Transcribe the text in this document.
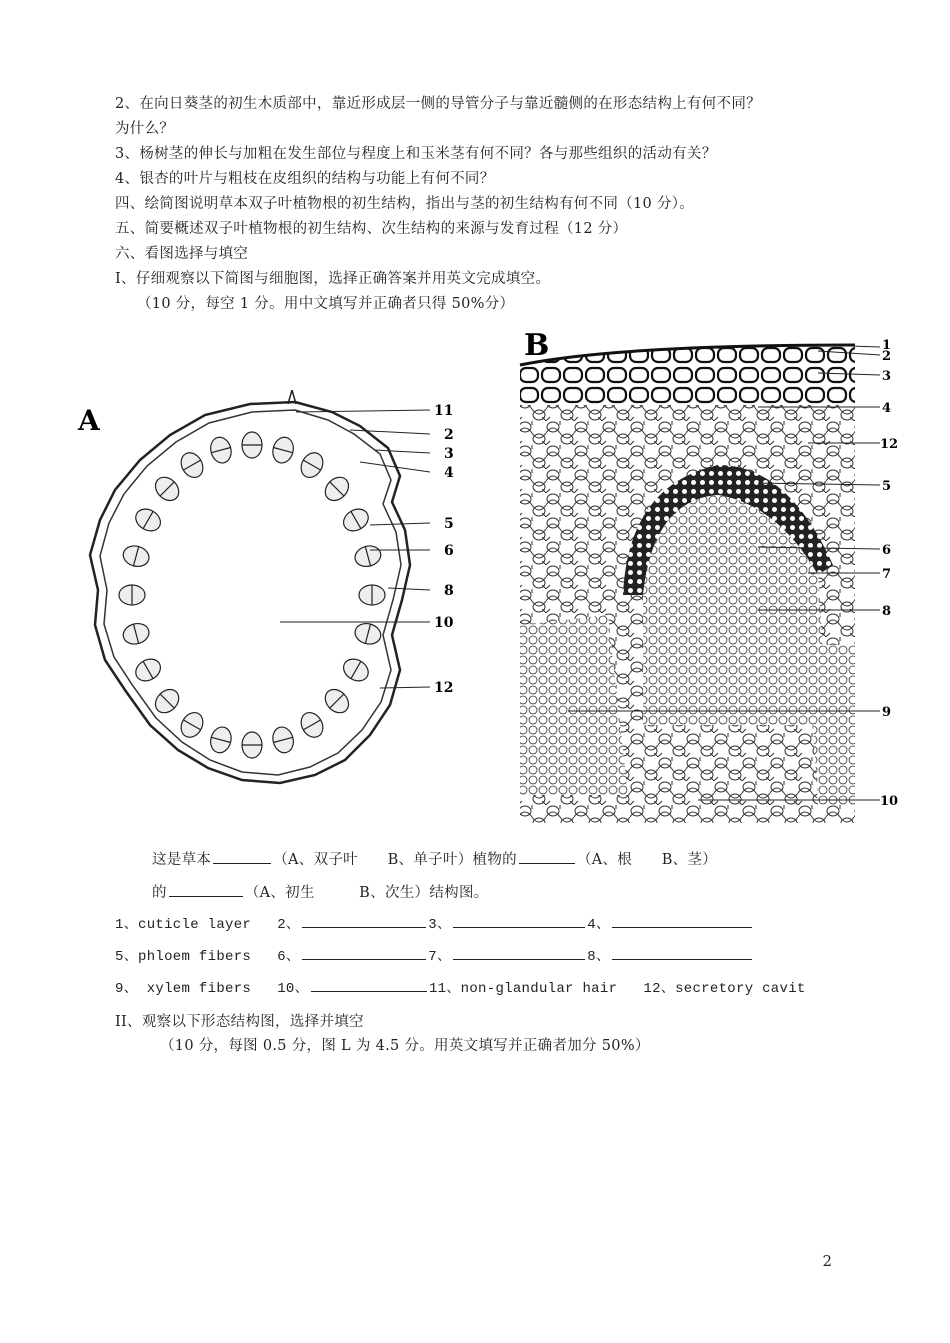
2、在向日葵茎的初生木质部中，靠近形成层一侧的导管分子与靠近髓侧的在形态结构上有何不同？
为什么？
3、杨树茎的伸长与加粗在发生部位与程度上和玉米茎有何不同？各与那些组织的活动有关？
4、银杏的叶片与粗枝在皮组织的结构与功能上有何不同？
四、绘简图说明草本双子叶植物根的初生结构，指出与茎的初生结构有何不同（10 分）。
五、简要概述双子叶植物根的初生结构、次生结构的来源与发育过程（12 分）
六、看图选择与填空
I、仔细观察以下简图与细胞图，选择正确答案并用英文完成填空。
（10 分，每空 1 分。用中文填写并正确者只得 50%分）
A	11
2
3
4
5
6
8
10
12
B	1
2
3
4
12
5
6
7
8
9
10
这是草本	（A、双子叶　　B、单子叶）植物的	（A、根　　B、茎）
的	（A、初生　　　B、次生）结构图。
1、cuticle layer 2、	3、	4、
5、phloem fibers 6、	7、	8、
9、 xylem fibers 10、	11、non-glandular hair 12、secretory cavit
II、观察以下形态结构图，选择并填空
（10 分，每图 0.5 分，图 L 为 4.5 分。用英文填写并正确者加分 50%）
2
